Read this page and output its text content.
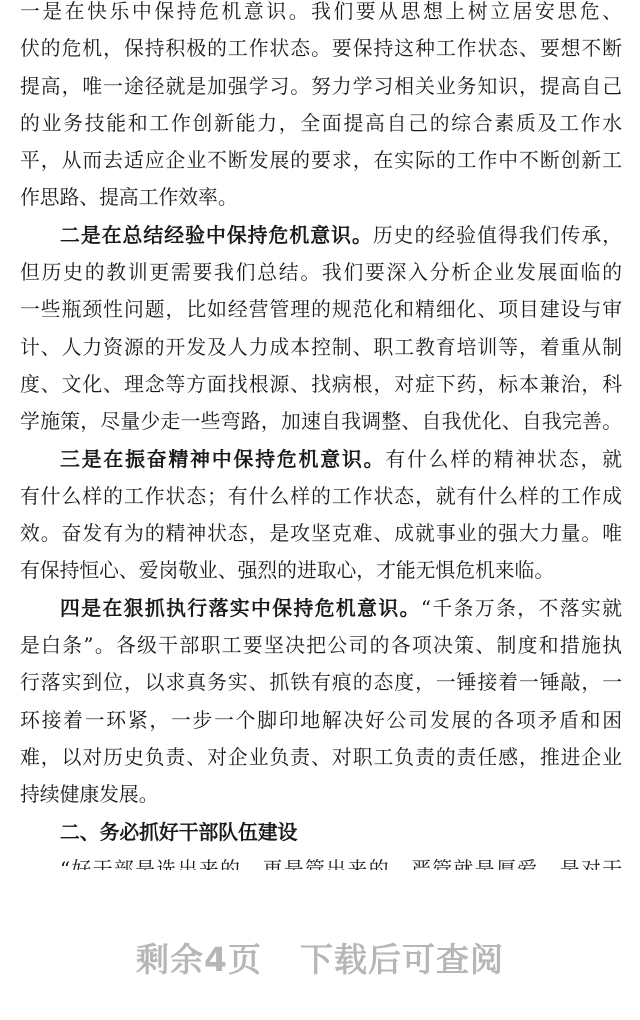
一是在快乐中保持危机意识。我们要从思想上树立居安思危、
伏的危机，保持积极的工作状态。要保持这种工作状态、要想不断
提高，唯一途径就是加强学习。努力学习相关业务知识，提高自己
的业务技能和工作创新能力，全面提高自己的综合素质及工作水
平，从而去适应企业不断发展的要求，在实际的工作中不断创新工
作思路、提高工作效率。
二是在总结经验中保持危机意识。历史的经验值得我们传承，
但历史的教训更需要我们总结。我们要深入分析企业发展面临的
一些瓶颈性问题，比如经营管理的规范化和精细化、项目建设与审
计、人力资源的开发及人力成本控制、职工教育培训等，着重从制
度、文化、理念等方面找根源、找病根，对症下药，标本兼治，科
学施策，尽量少走一些弯路，加速自我调整、自我优化、自我完善。
三是在振奋精神中保持危机意识。有什么样的精神状态，就
有什么样的工作状态；有什么样的工作状态，就有什么样的工作成
效。奋发有为的精神状态，是攻坚克难、成就事业的强大力量。唯
有保持恒心、爱岗敬业、强烈的进取心，才能无惧危机来临。
四是在狠抓执行落实中保持危机意识。“千条万条，不落实就
是白条”。各级干部职工要坚决把公司的各项决策、制度和措施执
行落实到位，以求真务实、抓铁有痕的态度，一锤接着一锤敲，一
环接着一环紧，一步一个脚印地解决好公司发展的各项矛盾和困
难，以对历史负责、对企业负责、对职工负责的责任感，推进企业
持续健康发展。
二、务必抓好干部队伍建设
剩余4页 下载后可查阅
